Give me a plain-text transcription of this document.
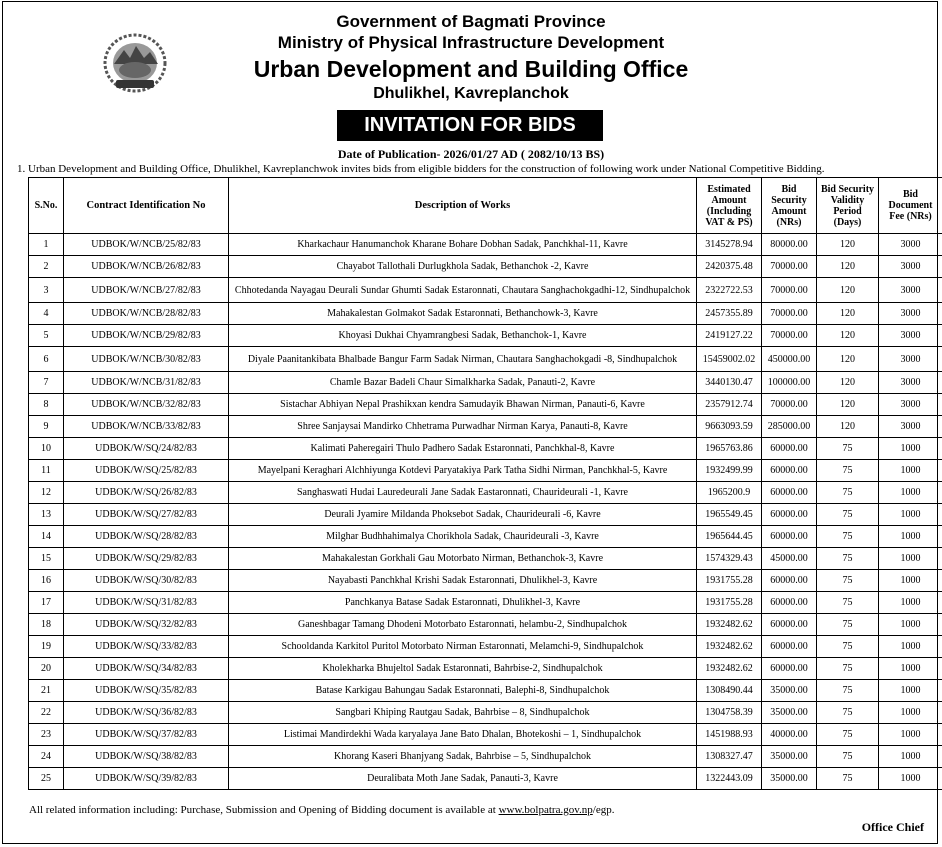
Government of Bagmati Province
Ministry of Physical Infrastructure Development
Urban Development and Building Office
Dhulikhel, Kavreplanchok
INVITATION FOR BIDS
Date of Publication- 2026/01/27 AD ( 2082/10/13 BS)
1. Urban Development and Building Office, Dhulikhel, Kavreplanchwok invites bids from eligible bidders for the construction of following work under National Competitive Bidding.
S.No.	Contract Identification No	Description of Works	Estimated Amount (Including VAT & PS)	Bid Security Amount (NRs)	Bid Security Validity Period (Days)	Bid Document Fee (NRs)
1	UDBOK/W/NCB/25/82/83	Kharkachaur Hanumanchok Kharane Bohare Dobhan Sadak, Panchkhal-11, Kavre	3145278.94	80000.00	120	3000
2	UDBOK/W/NCB/26/82/83	Chayabot Tallothali Durlugkhola Sadak, Bethanchok -2, Kavre	2420375.48	70000.00	120	3000
3	UDBOK/W/NCB/27/82/83	Chhotedanda Nayagau Deurali Sundar Ghumti Sadak Estaronnati, Chautara Sanghachokgadhi-12, Sindhupalchok	2322722.53	70000.00	120	3000
4	UDBOK/W/NCB/28/82/83	Mahakalestan Golmakot Sadak Estaronnati, Bethanchowk-3, Kavre	2457355.89	70000.00	120	3000
5	UDBOK/W/NCB/29/82/83	Khoyasi Dukhai Chyamrangbesi Sadak, Bethanchok-1, Kavre	2419127.22	70000.00	120	3000
6	UDBOK/W/NCB/30/82/83	Diyale Paanitankibata Bhalbade Bangur Farm Sadak Nirman, Chautara Sanghachokgadi -8, Sindhupalchok	15459002.02	450000.00	120	3000
7	UDBOK/W/NCB/31/82/83	Chamle Bazar Badeli Chaur Simalkharka Sadak, Panauti-2, Kavre	3440130.47	100000.00	120	3000
8	UDBOK/W/NCB/32/82/83	Sistachar Abhiyan Nepal Prashikxan kendra Samudayik Bhawan Nirman, Panauti-6, Kavre	2357912.74	70000.00	120	3000
9	UDBOK/W/NCB/33/82/83	Shree Sanjaysai Mandirko Chhetrama Purwadhar Nirman Karya, Panauti-8, Kavre	9663093.59	285000.00	120	3000
10	UDBOK/W/SQ/24/82/83	Kalimati Paheregairi Thulo Padhero Sadak Estaronnati, Panchkhal-8, Kavre	1965763.86	60000.00	75	1000
11	UDBOK/W/SQ/25/82/83	Mayelpani Keraghari Alchhiyunga Kotdevi Paryatakiya Park Tatha Sidhi Nirman, Panchkhal-5, Kavre	1932499.99	60000.00	75	1000
12	UDBOK/W/SQ/26/82/83	Sanghaswati Hudai Lauredeurali Jane Sadak Eastaronnati, Chaurideurali -1, Kavre	1965200.9	60000.00	75	1000
13	UDBOK/W/SQ/27/82/83	Deurali Jyamire Mildanda Phoksebot Sadak, Chaurideurali -6, Kavre	1965549.45	60000.00	75	1000
14	UDBOK/W/SQ/28/82/83	Milghar Budhhahimalya Chorikhola Sadak, Chaurideurali -3, Kavre	1965644.45	60000.00	75	1000
15	UDBOK/W/SQ/29/82/83	Mahakalestan Gorkhali Gau Motorbato Nirman, Bethanchok-3, Kavre	1574329.43	45000.00	75	1000
16	UDBOK/W/SQ/30/82/83	Nayabasti Panchkhal Krishi Sadak Estaronnati, Dhulikhel-3, Kavre	1931755.28	60000.00	75	1000
17	UDBOK/W/SQ/31/82/83	Panchkanya Batase Sadak Estaronnati, Dhulikhel-3, Kavre	1931755.28	60000.00	75	1000
18	UDBOK/W/SQ/32/82/83	Ganeshbagar Tamang Dhodeni Motorbato Estaronnati, helambu-2, Sindhupalchok	1932482.62	60000.00	75	1000
19	UDBOK/W/SQ/33/82/83	Schooldanda Karkitol Puritol Motorbato Nirman Estaronnati, Melamchi-9, Sindhupalchok	1932482.62	60000.00	75	1000
20	UDBOK/W/SQ/34/82/83	Kholekharka Bhujeltol Sadak Estaronnati, Bahrbise-2, Sindhupalchok	1932482.62	60000.00	75	1000
21	UDBOK/W/SQ/35/82/83	Batase Karkigau Bahungau Sadak Estaronnati, Balephi-8, Sindhupalchok	1308490.44	35000.00	75	1000
22	UDBOK/W/SQ/36/82/83	Sangbari Khiping Rautgau Sadak, Bahrbise – 8, Sindhupalchok	1304758.39	35000.00	75	1000
23	UDBOK/W/SQ/37/82/83	Listimai Mandirdekhi Wada karyalaya Jane Bato Dhalan, Bhotekoshi – 1, Sindhupalchok	1451988.93	40000.00	75	1000
24	UDBOK/W/SQ/38/82/83	Khorang Kaseri Bhanjyang Sadak, Bahrbise – 5, Sindhupalchok	1308327.47	35000.00	75	1000
25	UDBOK/W/SQ/39/82/83	Deuralibata Moth Jane Sadak, Panauti-3, Kavre	1322443.09	35000.00	75	1000
All related information including: Purchase, Submission and Opening of Bidding document is available at www.bolpatra.gov.np/egp.
Office Chief
